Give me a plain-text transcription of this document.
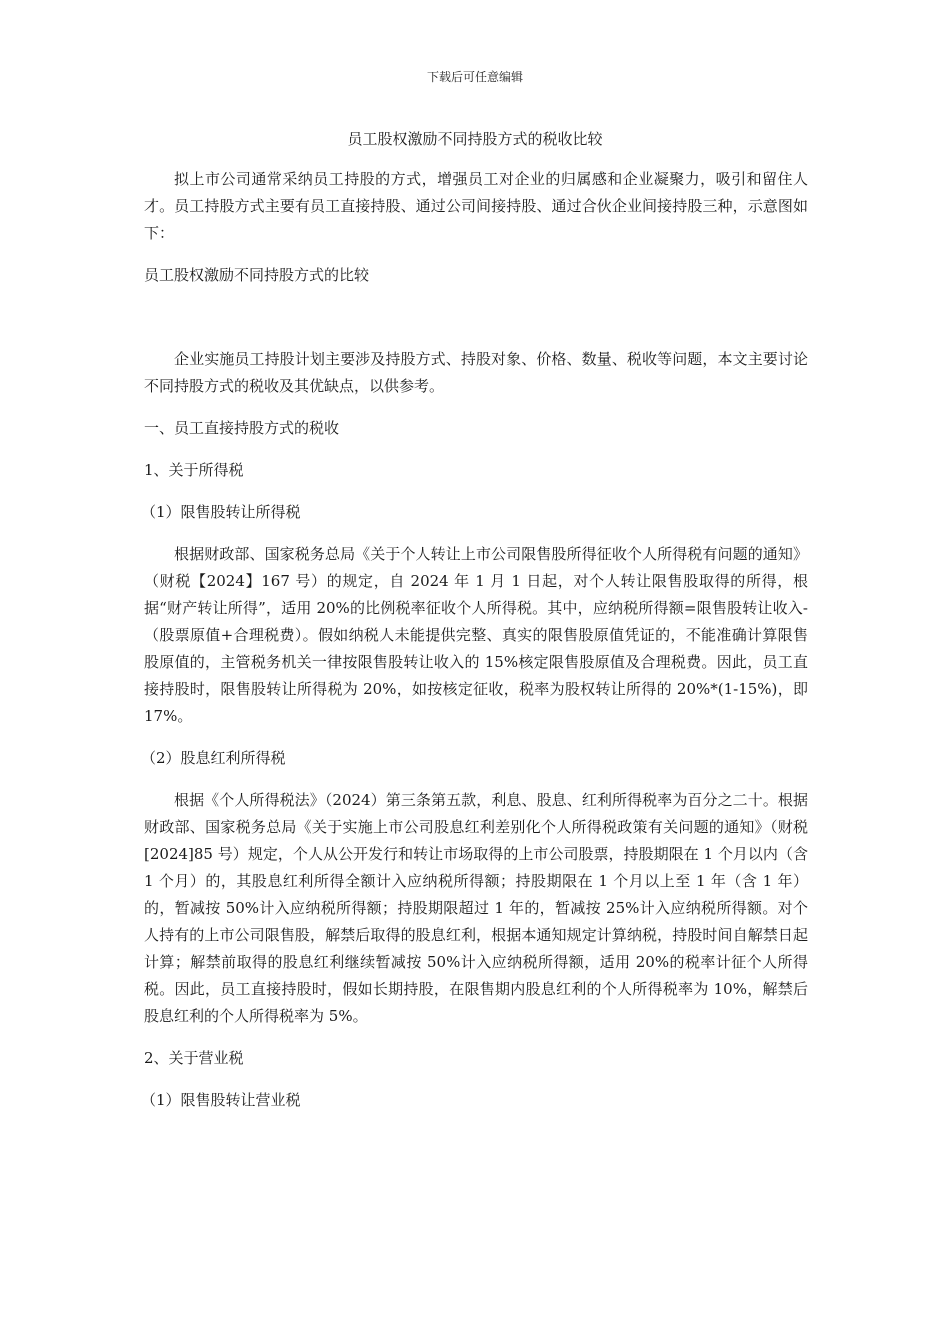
下载后可任意编辑
员工股权激励不同持股方式的税收比较

拟上市公司通常采纳员工持股的方式，增强员工对企业的归属感和企业凝聚力，吸引和留住人才。员工持股方式主要有员工直接持股、通过公司间接持股、通过合伙企业间接持股三种，示意图如下：

员工股权激励不同持股方式的比较

企业实施员工持股计划主要涉及持股方式、持股对象、价格、数量、税收等问题，本文主要讨论不同持股方式的税收及其优缺点，以供参考。

一、员工直接持股方式的税收

1、关于所得税

（1）限售股转让所得税

根据财政部、国家税务总局《关于个人转让上市公司限售股所得征收个人所得税有问题的通知》（财税【2024】167 号）的规定，自 2024 年 1 月 1 日起，对个人转让限售股取得的所得，根据“财产转让所得”，适用 20%的比例税率征收个人所得税。其中，应纳税所得额=限售股转让收入-（股票原值+合理税费）。假如纳税人未能提供完整、真实的限售股原值凭证的，不能准确计算限售股原值的，主管税务机关一律按限售股转让收入的 15%核定限售股原值及合理税费。因此，员工直接持股时，限售股转让所得税为 20%，如按核定征收，税率为股权转让所得的 20%*(1-15%)，即 17%。

（2）股息红利所得税

根据《个人所得税法》（2024）第三条第五款，利息、股息、红利所得税率为百分之二十。根据财政部、国家税务总局《关于实施上市公司股息红利差别化个人所得税政策有关问题的通知》（财税[2024]85 号）规定，个人从公开发行和转让市场取得的上市公司股票，持股期限在 1 个月以内（含 1 个月）的，其股息红利所得全额计入应纳税所得额；持股期限在 1 个月以上至 1 年（含 1 年）的，暂减按 50%计入应纳税所得额；持股期限超过 1 年的，暂减按 25%计入应纳税所得额。对个人持有的上市公司限售股，解禁后取得的股息红利，根据本通知规定计算纳税，持股时间自解禁日起计算；解禁前取得的股息红利继续暂减按 50%计入应纳税所得额，适用 20%的税率计征个人所得税。因此，员工直接持股时，假如长期持股，在限售期内股息红利的个人所得税率为 10%，解禁后股息红利的个人所得税率为 5%。

2、关于营业税

（1）限售股转让营业税
